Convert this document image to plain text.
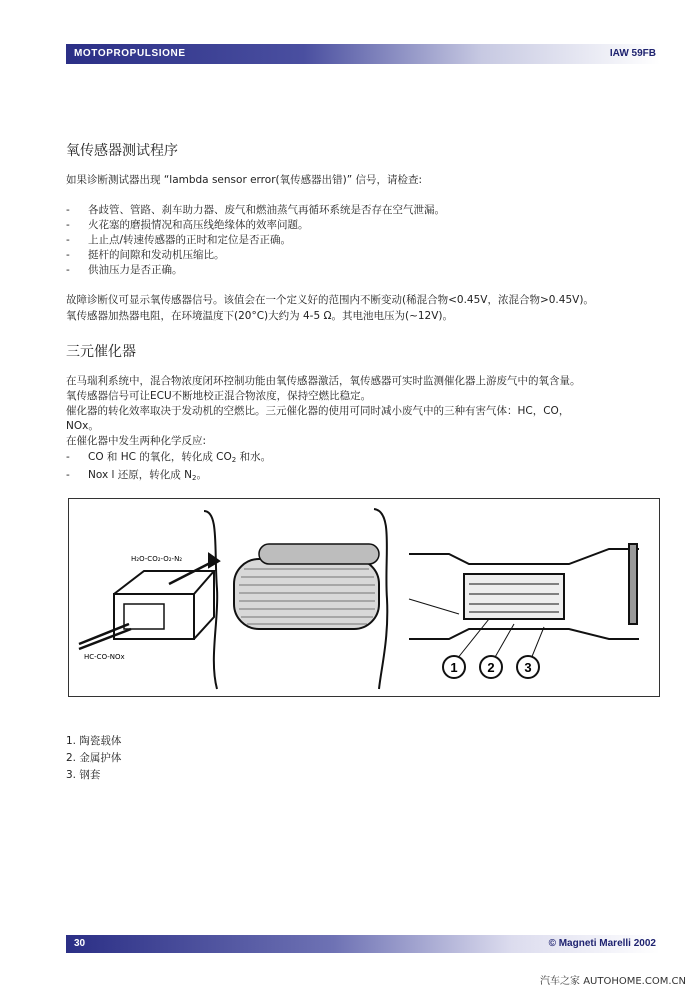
MOTOPROPULSIONE	IAW 59FB
氧传感器测试程序

如果诊断测试器出现 “lambda sensor error(氧传感器出错)” 信号，请检查:

- 各歧管、管路、刹车助力器、废气和燃油蒸气再循环系统是否存在空气泄漏。
- 火花塞的磨损情况和高压线绝缘体的效率问题。
- 上止点/转速传感器的正时和定位是否正确。
- 挺杆的间隙和发动机压缩比。
- 供油压力是否正确。

故障诊断仪可显示氧传感器信号。该值会在一个定义好的范围内不断变动(稀混合物<0.45V，浓混合物>0.45V)。

氧传感器加热器电阻，在环境温度下(20°C)大约为 4-5 Ω。其电池电压为(~12V)。

三元催化器

在马瑞利系统中，混合物浓度闭环控制功能由氧传感器激活，氧传感器可实时监测催化器上游废气中的氧含量。

氧传感器信号可让ECU不断地校正混合物浓度，保持空燃比稳定。

催化器的转化效率取决于发动机的空燃比。三元催化器的使用可同时减小废气中的三种有害气体：HC，CO，

NOx。

在催化器中发生两种化学反应:

- CO 和 HC 的氧化，转化成 $CO_2$ 和水。
- Nox l 还原，转化成 $N_2$。
H₂O-CO₂-O₂-N₂
HC-CO-NOx
1 2 3
1. 陶瓷载体
2. 金属护体
3. 钢套
30	© Magneti Marelli 2002
汽车之家 AUTOHOME.COM.CN
